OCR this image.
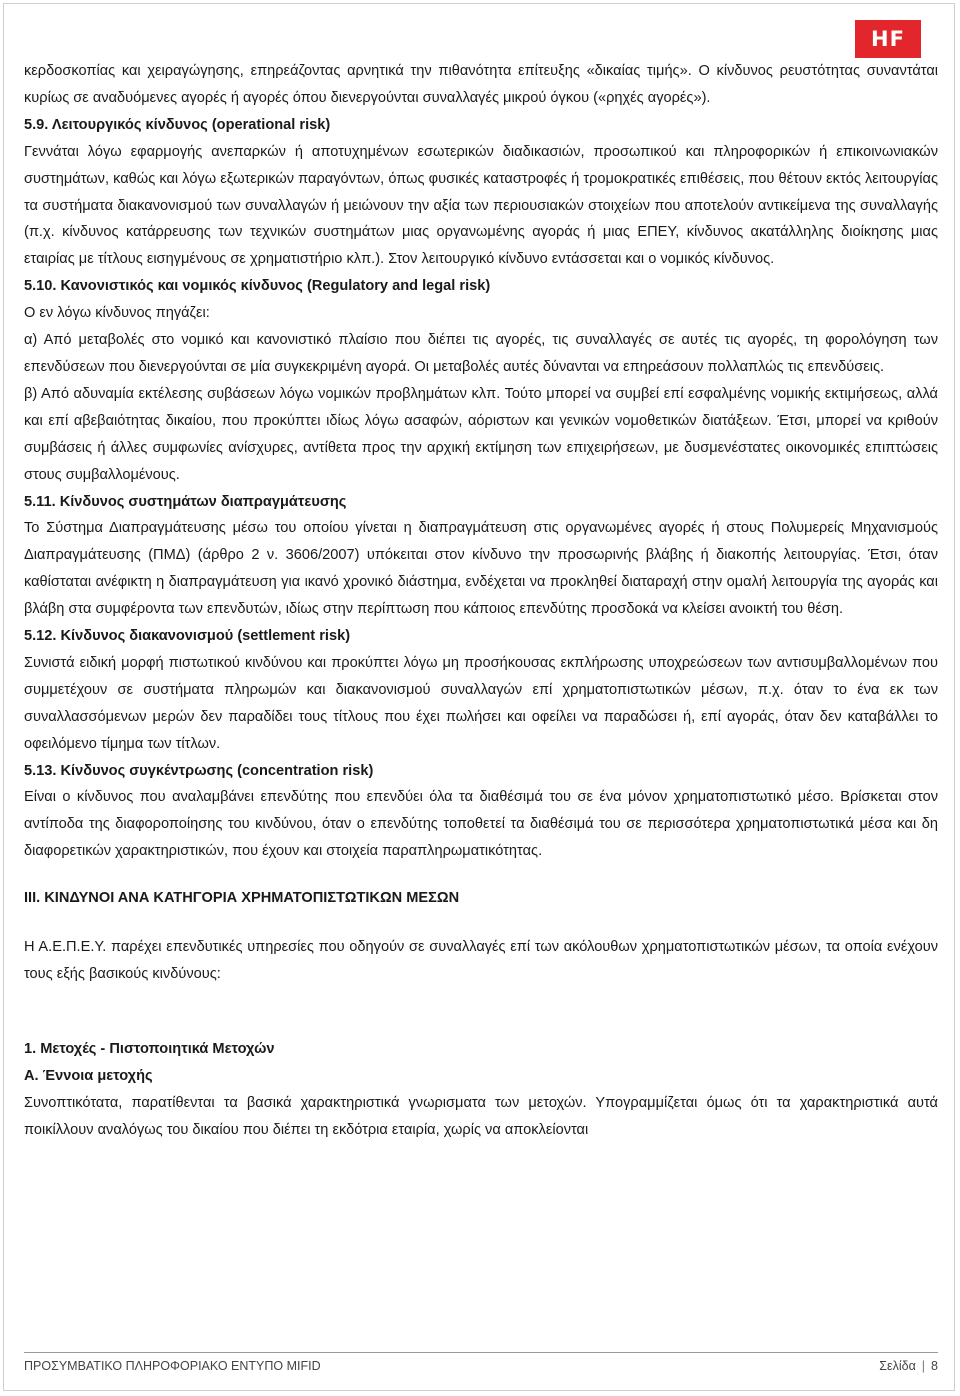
HF

κερδοσκοπίας και χειραγώγησης, επηρεάζοντας αρνητικά την πιθανότητα επίτευξης «δικαίας τιμής». Ο κίνδυνος ρευστότητας συναντάται κυρίως σε αναδυόμενες αγορές ή αγορές όπου διενεργούνται συναλλαγές μικρού όγκου («ρηχές αγορές»).

5.9. Λειτουργικός κίνδυνος (operational risk)

Γεννάται λόγω εφαρμογής ανεπαρκών ή αποτυχημένων εσωτερικών διαδικασιών, προσωπικού και πληροφορικών ή επικοινωνιακών συστημάτων, καθώς και λόγω εξωτερικών παραγόντων, όπως φυσικές καταστροφές ή τρομοκρατικές επιθέσεις, που θέτουν εκτός λειτουργίας τα συστήματα διακανονισμού των συναλλαγών ή μειώνουν την αξία των περιουσιακών στοιχείων που αποτελούν αντικείμενα της συναλλαγής (π.χ. κίνδυνος κατάρρευσης των τεχνικών συστημάτων μιας οργανωμένης αγοράς ή μιας ΕΠΕΥ, κίνδυνος ακατάλληλης διοίκησης μιας εταιρίας με τίτλους εισηγμένους σε χρηματιστήριο κλπ.). Στον λειτουργικό κίνδυνο εντάσσεται και ο νομικός κίνδυνος.

5.10. Κανονιστικός και νομικός κίνδυνος (Regulatory and legal risk)

Ο εν λόγω κίνδυνος πηγάζει:

α) Από μεταβολές στο νομικό και κανονιστικό πλαίσιο που διέπει τις αγορές, τις συναλλαγές σε αυτές τις αγορές, τη φορολόγηση των επενδύσεων που διενεργούνται σε μία συγκεκριμένη αγορά. Οι μεταβολές αυτές δύνανται να επηρεάσουν πολλαπλώς τις επενδύσεις.

β) Από αδυναμία εκτέλεσης συβάσεων λόγω νομικών προβλημάτων κλπ. Τούτο μπορεί να συμβεί επί εσφαλμένης νομικής εκτιμήσεως, αλλά και επί αβεβαιότητας δικαίου, που προκύπτει ιδίως λόγω ασαφών, αόριστων και γενικών νομοθετικών διατάξεων. Έτσι, μπορεί να κριθούν συμβάσεις ή άλλες συμφωνίες ανίσχυρες, αντίθετα προς την αρχική εκτίμηση των επιχειρήσεων, με δυσμενέστατες οικονομικές επιπτώσεις στους συμβαλλομένους.

5.11. Κίνδυνος συστημάτων διαπραγμάτευσης

Το Σύστημα Διαπραγμάτευσης μέσω του οποίου γίνεται η διαπραγμάτευση στις οργανωμένες αγορές ή στους Πολυμερείς Μηχανισμούς Διαπραγμάτευσης (ΠΜΔ) (άρθρο 2 ν. 3606/2007) υπόκειται στον κίνδυνο την προσωρινής βλάβης ή διακοπής λειτουργίας. Έτσι, όταν καθίσταται ανέφικτη η διαπραγμάτευση για ικανό χρονικό διάστημα, ενδέχεται να προκληθεί διαταραχή στην ομαλή λειτουργία της αγοράς και βλάβη στα συμφέροντα των επενδυτών, ιδίως στην περίπτωση που κάποιος επενδύτης προσδοκά να κλείσει ανοικτή του θέση.

5.12. Κίνδυνος διακανονισμού (settlement risk)

Συνιστά ειδική μορφή πιστωτικού κινδύνου και προκύπτει λόγω μη προσήκουσας εκπλήρωσης υποχρεώσεων των αντισυμβαλλομένων που συμμετέχουν σε συστήματα πληρωμών και διακανονισμού συναλλαγών επί χρηματοπιστωτικών μέσων, π.χ. όταν το ένα εκ των συναλλασσόμενων μερών δεν παραδίδει τους τίτλους που έχει πωλήσει και οφείλει να παραδώσει ή, επί αγοράς, όταν δεν καταβάλλει το οφειλόμενο τίμημα των τίτλων.

5.13. Κίνδυνος συγκέντρωσης (concentration risk)

Είναι ο κίνδυνος που αναλαμβάνει επενδύτης που επενδύει όλα τα διαθέσιμά του σε ένα μόνον χρηματοπιστωτικό μέσο. Βρίσκεται στον αντίποδα της διαφοροποίησης του κινδύνου, όταν ο επενδύτης τοποθετεί τα διαθέσιμά του σε περισσότερα χρηματοπιστωτικά μέσα και δη διαφορετικών χαρακτηριστικών, που έχουν και στοιχεία παραπληρωματικότητας.

III. ΚΙΝΔΥΝΟΙ ΑΝΑ ΚΑΤΗΓΟΡΙΑ ΧΡΗΜΑΤΟΠΙΣΤΩΤΙΚΩΝ ΜΕΣΩΝ

Η Α.Ε.Π.Ε.Υ. παρέχει επενδυτικές υπηρεσίες που οδηγούν σε συναλλαγές επί των ακόλουθων χρηματοπιστωτικών μέσων, τα οποία ενέχουν τους εξής βασικούς κινδύνους:

1. Μετοχές - Πιστοποιητικά Μετοχών
Α. Έννοια μετοχής

Συνοπτικότατα, παρατίθενται τα βασικά χαρακτηριστικά γνωρισματα των μετοχών. Υπογραμμίζεται όμως ότι τα χαρακτηριστικά αυτά ποικίλλουν αναλόγως του δικαίου που διέπει τη εκδότρια εταιρία, χωρίς να αποκλείονται

ΠΡΟΣΥΜΒΑΤΙΚΟ ΠΛΗΡΟΦΟΡΙΑΚΟ ΕΝΤΥΠΟ MIFID	Σελίδα | 8
